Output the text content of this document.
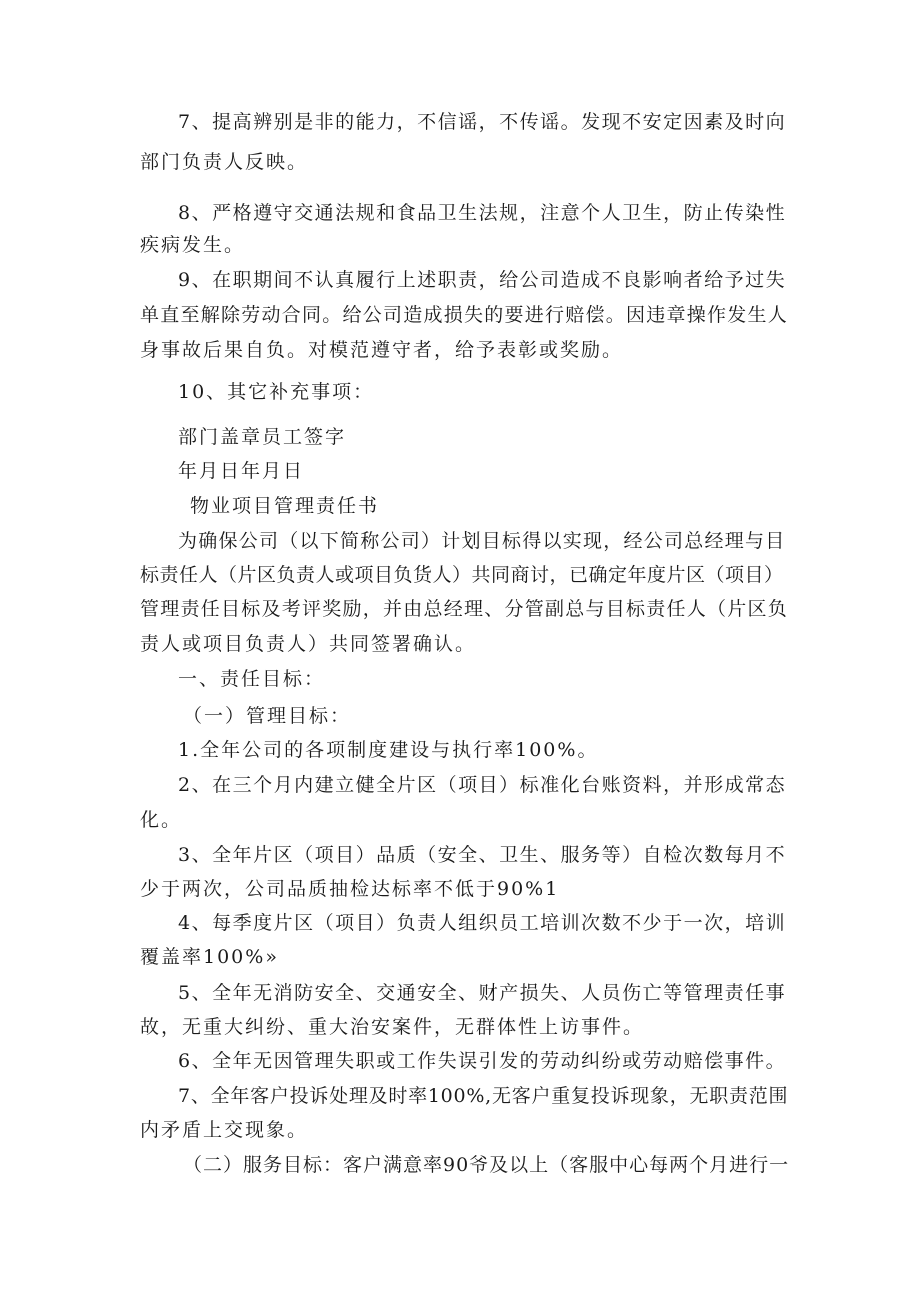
7、提高辨别是非的能力，不信谣，不传谣。发现不安定因素及时向

部门负责人反映。

8、严格遵守交通法规和食品卫生法规，注意个人卫生，防止传染性

疾病发生。

9、在职期间不认真履行上述职责，给公司造成不良影响者给予过失

单直至解除劳动合同。给公司造成损失的要进行赔偿。因违章操作发生人

身事故后果自负。对模范遵守者，给予表彰或奖励。

10、其它补充事项：

部门盖章员工签字

年月日年月日

物业项目管理责任书

为确保公司（以下简称公司）计划目标得以实现，经公司总经理与目

标责任人（片区负责人或项目负货人）共同商讨，已确定年度片区（项目）

管理责任目标及考评奖励，并由总经理、分管副总与目标责任人（片区负

责人或项目负责人）共同签署确认。

一、责任目标：

（一）管理目标：

1.全年公司的各项制度建设与执行率100%。

2、在三个月内建立健全片区（项目）标准化台账资料，并形成常态

化。

3、全年片区（项目）品质（安全、卫生、服务等）自检次数每月不

少于两次，公司品质抽检达标率不低于90%1

4、每季度片区（项目）负责人组织员工培训次数不少于一次，培训

覆盖率100%»

5、全年无消防安全、交通安全、财产损失、人员伤亡等管理责任事

故，无重大纠纷、重大治安案件，无群体性上访事件。

6、全年无因管理失职或工作失误引发的劳动纠纷或劳动赔偿事件。

7、全年客户投诉处理及时率100%,无客户重复投诉现象，无职责范围

内矛盾上交现象。

（二）服务目标：客户满意率90爷及以上（客服中心每两个月进行一
